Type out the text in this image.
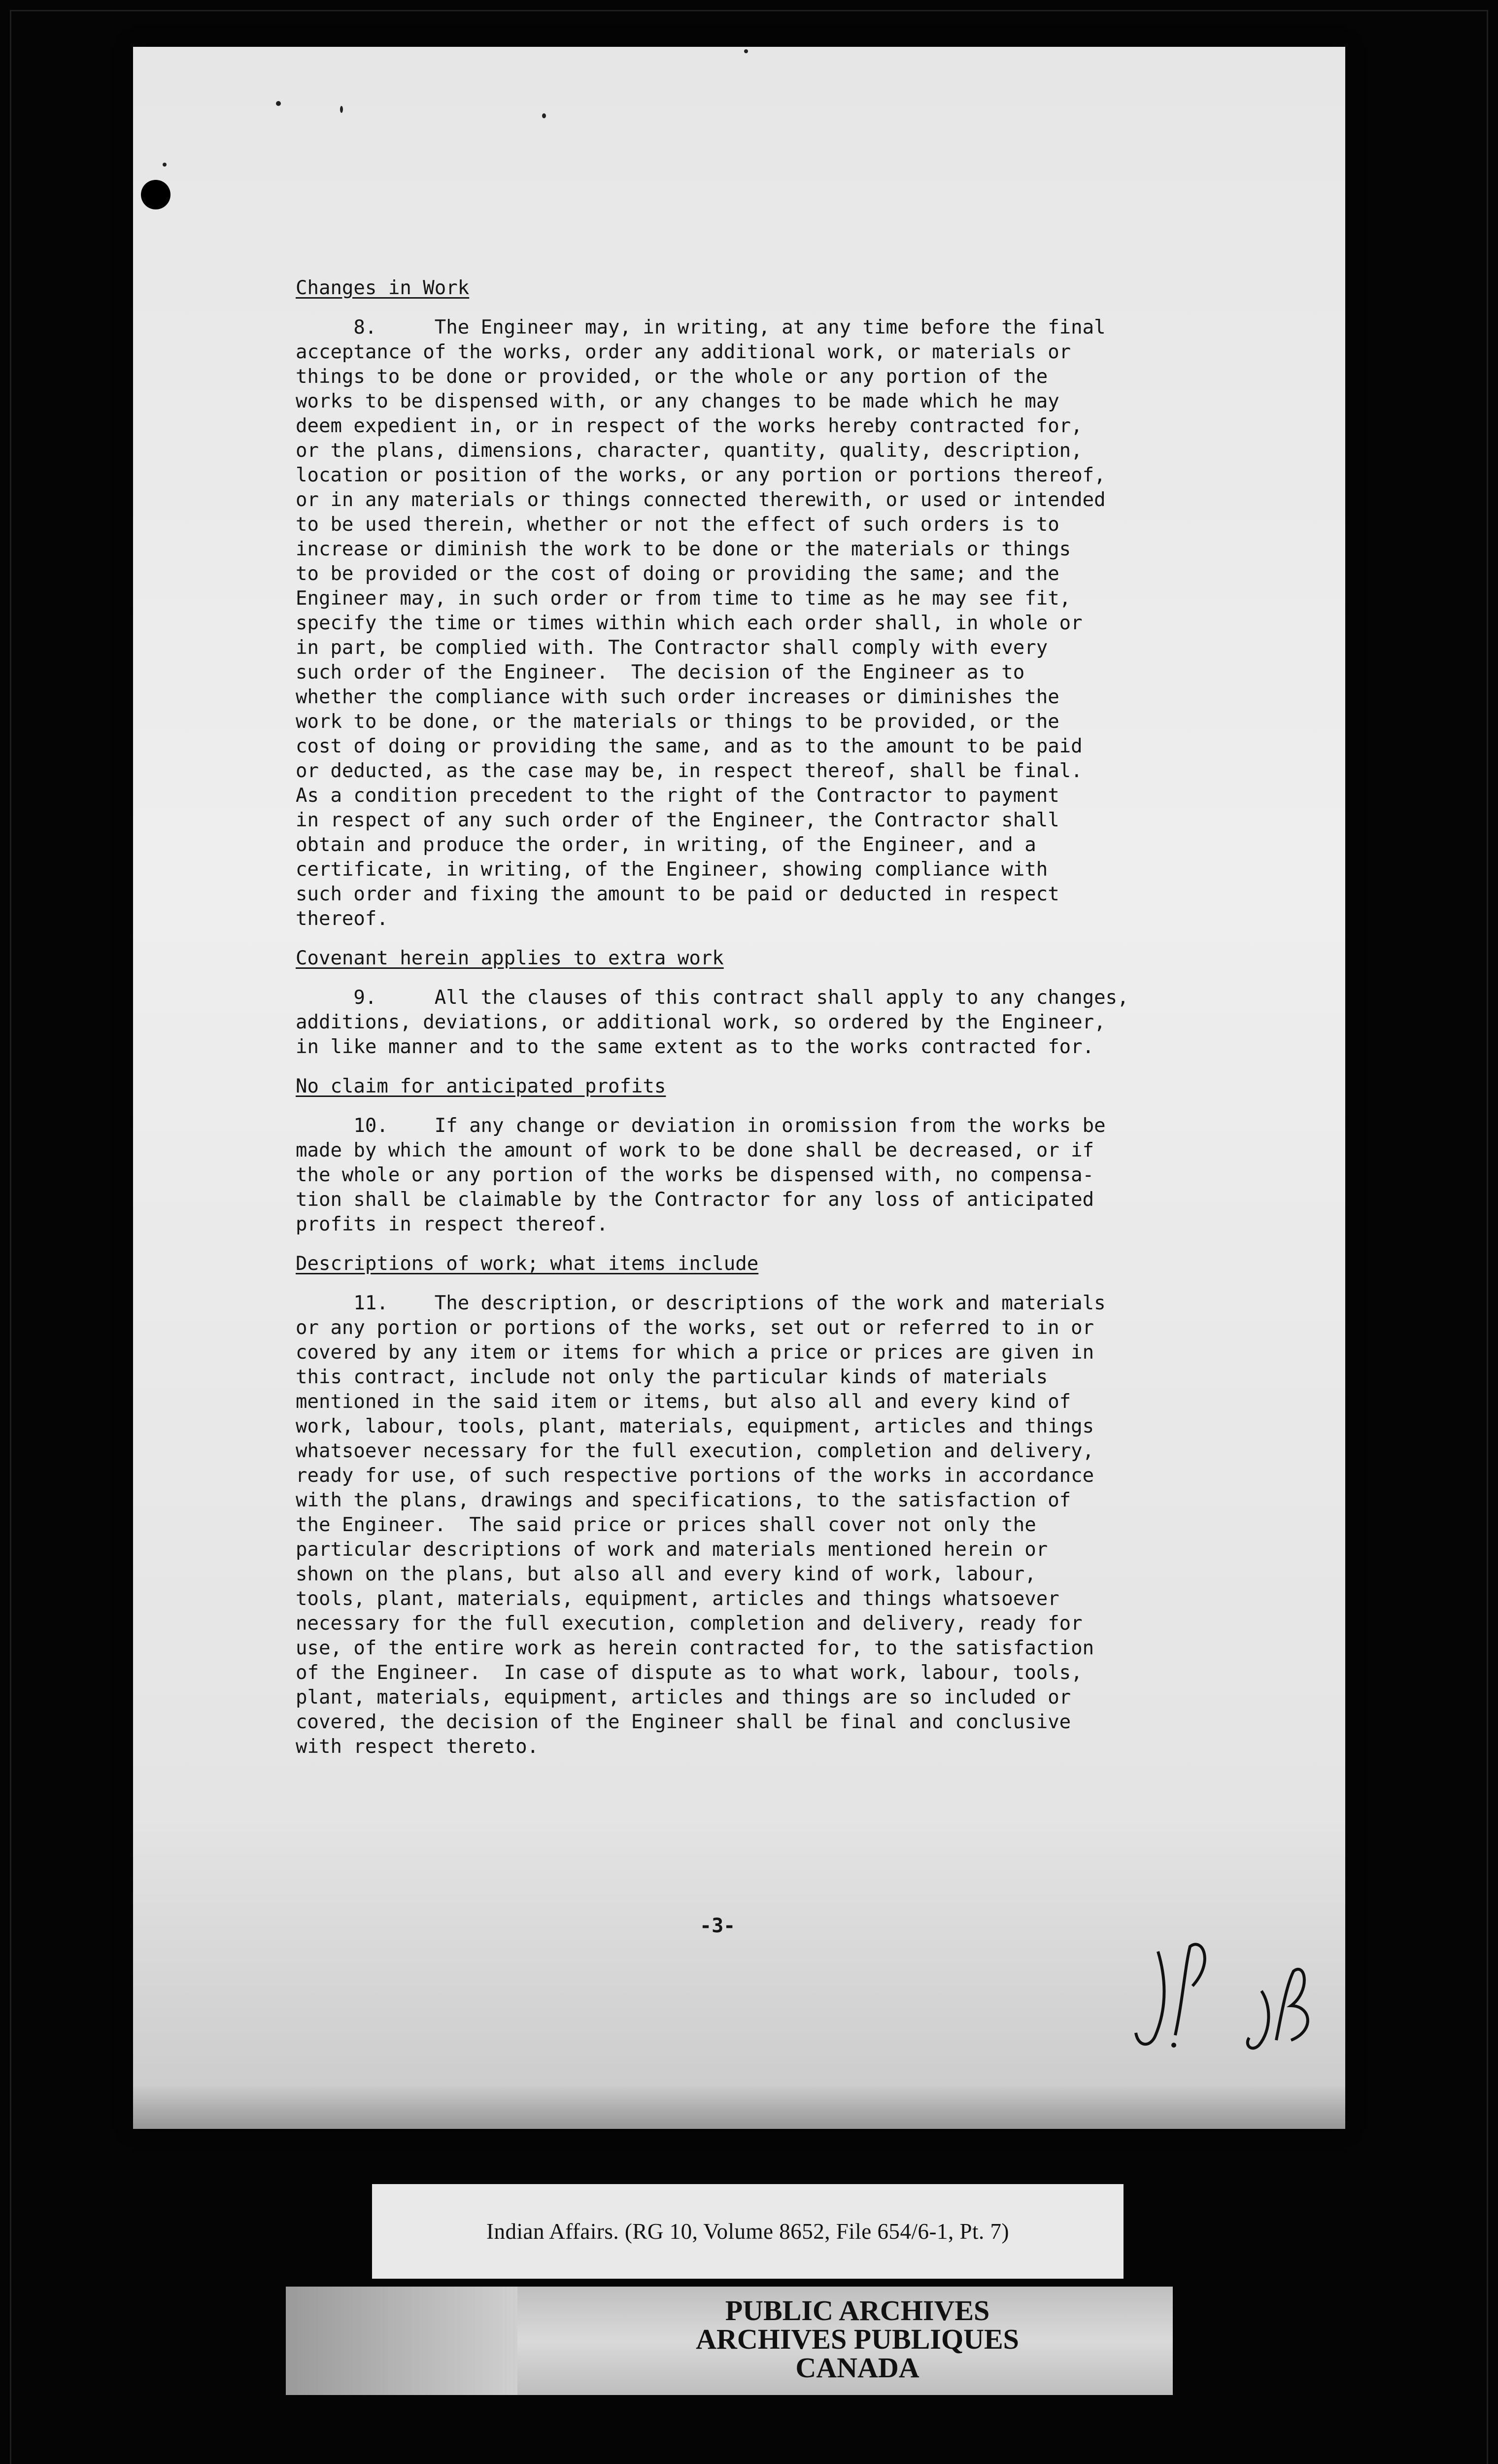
Changes in Work

8.     The Engineer may, in writing, at any time before the final

acceptance of the works, order any additional work, or materials or

things to be done or provided, or the whole or any portion of the

works to be dispensed with, or any changes to be made which he may

deem expedient in, or in respect of the works hereby contracted for,

or the plans, dimensions, character, quantity, quality, description,

location or position of the works, or any portion or portions thereof,

or in any materials or things connected therewith, or used or intended

to be used therein, whether or not the effect of such orders is to

increase or diminish the work to be done or the materials or things

to be provided or the cost of doing or providing the same; and the

Engineer may, in such order or from time to time as he may see fit,

specify the time or times within which each order shall, in whole or

in part, be complied with. The Contractor shall comply with every

such order of the Engineer.  The decision of the Engineer as to

whether the compliance with such order increases or diminishes the

work to be done, or the materials or things to be provided, or the

cost of doing or providing the same, and as to the amount to be paid

or deducted, as the case may be, in respect thereof, shall be final.

As a condition precedent to the right of the Contractor to payment

in respect of any such order of the Engineer, the Contractor shall

obtain and produce the order, in writing, of the Engineer, and a

certificate, in writing, of the Engineer, showing compliance with

such order and fixing the amount to be paid or deducted in respect

thereof.

Covenant herein applies to extra work

9.     All the clauses of this contract shall apply to any changes,

additions, deviations, or additional work, so ordered by the Engineer,

in like manner and to the same extent as to the works contracted for.

No claim for anticipated profits

10.    If any change or deviation in oromission from the works be

made by which the amount of work to be done shall be decreased, or if

the whole or any portion of the works be dispensed with, no compensa-

tion shall be claimable by the Contractor for any loss of anticipated

profits in respect thereof.

Descriptions of work; what items include

11.    The description, or descriptions of the work and materials

or any portion or portions of the works, set out or referred to in or

covered by any item or items for which a price or prices are given in

this contract, include not only the particular kinds of materials

mentioned in the said item or items, but also all and every kind of

work, labour, tools, plant, materials, equipment, articles and things

whatsoever necessary for the full execution, completion and delivery,

ready for use, of such respective portions of the works in accordance

with the plans, drawings and specifications, to the satisfaction of

the Engineer.  The said price or prices shall cover not only the

particular descriptions of work and materials mentioned herein or

shown on the plans, but also all and every kind of work, labour,

tools, plant, materials, equipment, articles and things whatsoever

necessary for the full execution, completion and delivery, ready for

use, of the entire work as herein contracted for, to the satisfaction

of the Engineer.  In case of dispute as to what work, labour, tools,

plant, materials, equipment, articles and things are so included or

covered, the decision of the Engineer shall be final and conclusive

with respect thereto.

-3-
Indian Affairs. (RG 10, Volume 8652, File 654/6-1, Pt. 7)
PUBLIC ARCHIVES
ARCHIVES PUBLIQUES
CANADA
